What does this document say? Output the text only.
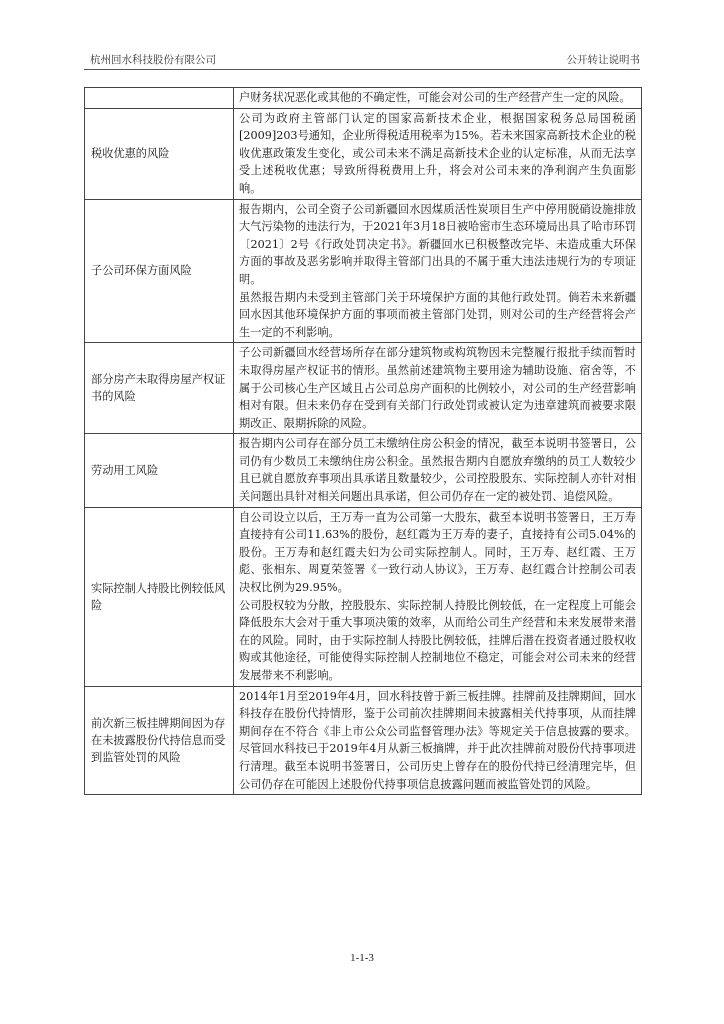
杭州回水科技股份有限公司	公开转让说明书

	户财务状况恶化或其他的不确定性，可能会对公司的生产经营产生一定的风险。

税收优惠的风险	公司为政府主管部门认定的国家高新技术企业，根据国家税务总局国税函[2009]203号通知，企业所得税适用税率为15%。若未来国家高新技术企业的税收优惠政策发生变化，或公司未来不满足高新技术企业的认定标准，从而无法享受上述税收优惠；导致所得税费用上升，将会对公司未来的净利润产生负面影响。

子公司环保方面风险	报告期内，公司全资子公司新疆回水因煤质活性炭项目生产中停用脱硝设施排放大气污染物的违法行为，于2021年3月18日被哈密市生态环境局出具了哈市环罚〔2021〕2号《行政处罚决定书》。新疆回水已积极整改完毕、未造成重大环保方面的事故及恶劣影响并取得主管部门出具的不属于重大违法违规行为的专项证明。
虽然报告期内未受到主管部门关于环境保护方面的其他行政处罚。倘若未来新疆回水因其他环境保护方面的事项而被主管部门处罚，则对公司的生产经营将会产生一定的不利影响。

部分房产未取得房屋产权证书的风险	子公司新疆回水经营场所存在部分建筑物或构筑物因未完整履行报批手续而暂时未取得房屋产权证书的情形。虽然前述建筑物主要用途为辅助设施、宿舍等，不属于公司核心生产区域且占公司总房产面积的比例较小，对公司的生产经营影响相对有限。但未来仍存在受到有关部门行政处罚或被认定为违章建筑而被要求限期改正、限期拆除的风险。

劳动用工风险	报告期内公司存在部分员工未缴纳住房公积金的情况，截至本说明书签署日，公司仍有少数员工未缴纳住房公积金。虽然报告期内自愿放弃缴纳的员工人数较少且已就自愿放弃事项出具承诺且数量较少，公司控股股东、实际控制人亦针对相关问题出具针对相关问题出具承诺，但公司仍存在一定的被处罚、追偿风险。

实际控制人持股比例较低风险	自公司设立以后，王万寿一直为公司第一大股东，截至本说明书签署日，王万寿直接持有公司11.63%的股份，赵红霞为王万寿的妻子，直接持有公司5.04%的股份。王万寿和赵红霞夫妇为公司实际控制人。同时，王万寿、赵红霞、王万彪、张相东、周夏荣签署《一致行动人协议》，王万寿、赵红霞合计控制公司表决权比例为29.95%。
公司股权较为分散，控股股东、实际控制人持股比例较低，在一定程度上可能会降低股东大会对于重大事项决策的效率，从而给公司生产经营和未来发展带来潜在的风险。同时，由于实际控制人持股比例较低，挂牌后潜在投资者通过股权收购或其他途径，可能使得实际控制人控制地位不稳定，可能会对公司未来的经营发展带来不利影响。

前次新三板挂牌期间因为存在未披露股份代持信息而受到监管处罚的风险	2014年1月至2019年4月，回水科技曾于新三板挂牌。挂牌前及挂牌期间，回水科技存在股份代持情形，鉴于公司前次挂牌期间未披露相关代持事项，从而挂牌期间存在不符合《非上市公众公司监督管理办法》等规定关于信息披露的要求。尽管回水科技已于2019年4月从新三板摘牌，并于此次挂牌前对股份代持事项进行清理。截至本说明书签署日，公司历史上曾存在的股份代持已经清理完毕，但公司仍存在可能因上述股份代持事项信息披露问题而被监管处罚的风险。
1-1-3
